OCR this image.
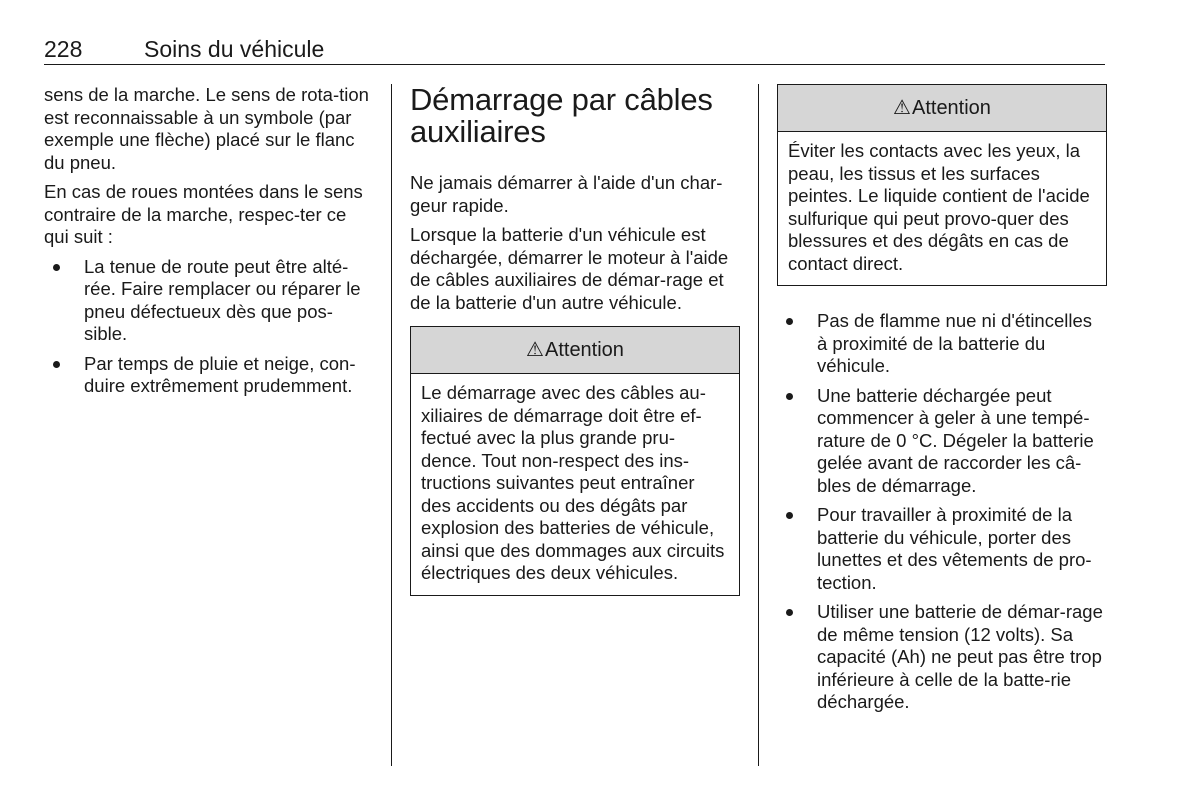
228	Soins du véhicule

sens de la marche. Le sens de rota-tion est reconnaissable à un symbole (par exemple une flèche) placé sur le flanc du pneu.

En cas de roues montées dans le sens contraire de la marche, respec-ter ce qui suit :

La tenue de route peut être alté-rée. Faire remplacer ou réparer le pneu défectueux dès que pos-sible.
Par temps de pluie et neige, con-duire extrêmement prudemment.
Démarrage par câbles auxiliaires

Ne jamais démarrer à l'aide d'un char-geur rapide.

Lorsque la batterie d'un véhicule est déchargée, démarrer le moteur à l'aide de câbles auxiliaires de démar-rage et de la batterie d'un autre véhicule.

⚠ Attention
Le démarrage avec des câbles au-xiliaires de démarrage doit être ef-fectué avec la plus grande pru-dence. Tout non-respect des ins-tructions suivantes peut entraîner des accidents ou des dégâts par explosion des batteries de véhicule, ainsi que des dommages aux circuits électriques des deux véhicules.
⚠ Attention
Éviter les contacts avec les yeux, la peau, les tissus et les surfaces peintes. Le liquide contient de l'acide sulfurique qui peut provo-quer des blessures et des dégâts en cas de contact direct.
Pas de flamme nue ni d'étincelles à proximité de la batterie du véhicule.
Une batterie déchargée peut commencer à geler à une tempé-rature de 0 °C. Dégeler la batterie gelée avant de raccorder les câ-bles de démarrage.
Pour travailler à proximité de la batterie du véhicule, porter des lunettes et des vêtements de pro-tection.
Utiliser une batterie de démar-rage de même tension (12 volts). Sa capacité (Ah) ne peut pas être trop inférieure à celle de la batte-rie déchargée.
